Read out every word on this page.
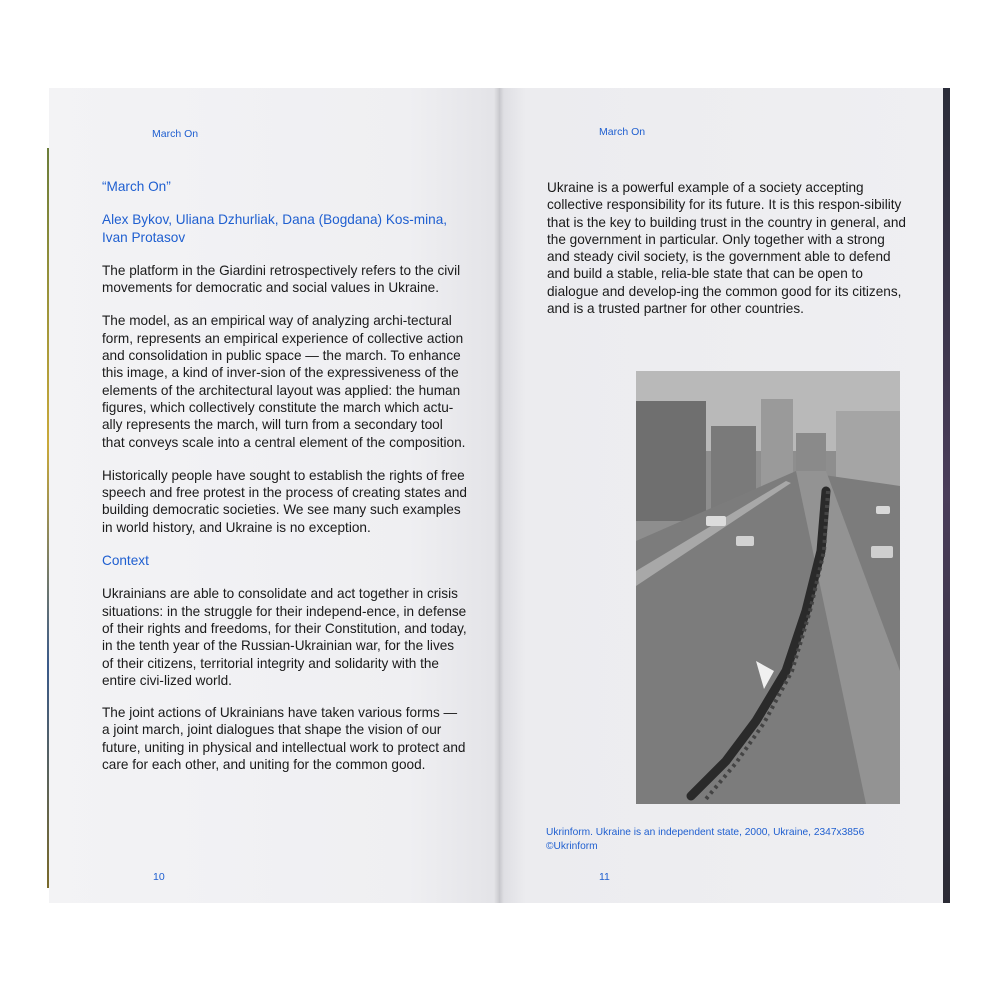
March On

“March On”

Alex Bykov, Uliana Dzhurliak, Dana (Bogdana) Kos-mina, Ivan Protasov

The platform in the Giardini retrospectively refers to the civil movements for democratic and social values in Ukraine.

The model, as an empirical way of analyzing archi-tectural form, represents an empirical experience of collective action and consolidation in public space — the march. To enhance this image, a kind of inver-sion of the expressiveness of the elements of the architectural layout was applied: the human figures, which collectively constitute the march which actu-ally represents the march, will turn from a secondary tool that conveys scale into a central element of the composition.

Historically people have sought to establish the rights of free speech and free protest in the process of creating states and building democratic societies. We see many such examples in world history, and Ukraine is no exception.

Context

Ukrainians are able to consolidate and act together in crisis situations: in the struggle for their independ-ence, in defense of their rights and freedoms, for their Constitution, and today, in the tenth year of the Russian-Ukrainian war, for the lives of their citizens, territorial integrity and solidarity with the entire civi-lized world.

The joint actions of Ukrainians have taken various forms — a joint march, joint dialogues that shape the vision of our future, uniting in physical and intellectual work to protect and care for each other, and uniting for the common good.

10
March On

Ukraine is a powerful example of a society accepting collective responsibility for its future. It is this respon-sibility that is the key to building trust in the country in general, and the government in particular. Only together with a strong and steady civil society, is the government able to defend and build a stable, relia-ble state that can be open to dialogue and develop-ing the common good for its citizens, and is a trusted partner for other countries.

Ukrinform. Ukraine is an independent state, 2000, Ukraine, 2347x3856
©Ukrinform
11
